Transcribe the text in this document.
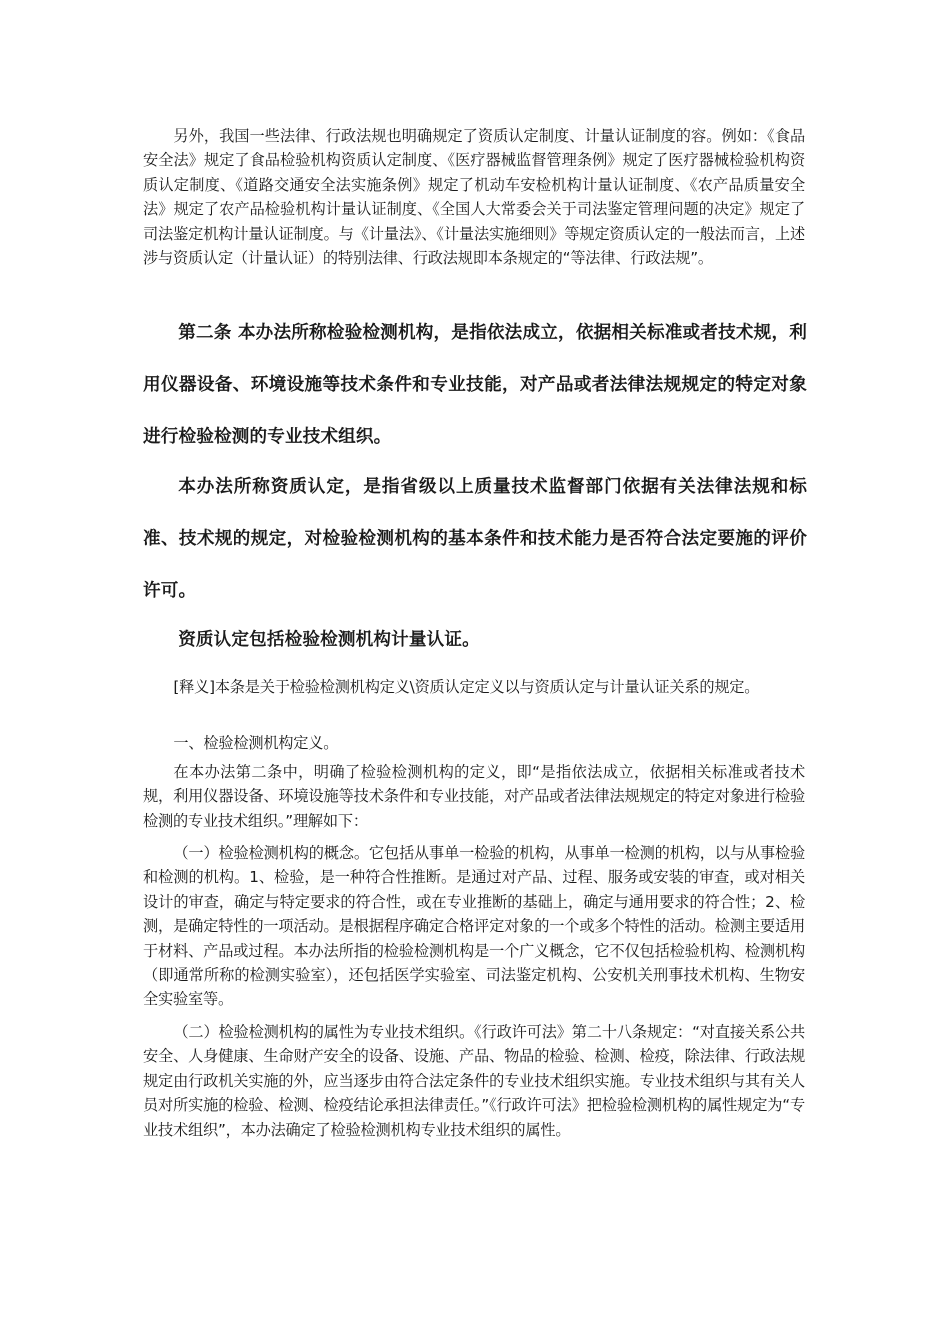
另外，我国一些法律、行政法规也明确规定了资质认定制度、计量认证制度的容。例如：《食品安全法》规定了食品检验机构资质认定制度、《医疗器械监督管理条例》规定了医疗器械检验机构资质认定制度、《道路交通安全法实施条例》规定了机动车安检机构计量认证制度、《农产品质量安全法》规定了农产品检验机构计量认证制度、《全国人大常委会关于司法鉴定管理问题的决定》规定了司法鉴定机构计量认证制度。与《计量法》、《计量法实施细则》等规定资质认定的一般法而言，上述涉与资质认定（计量认证）的特别法律、行政法规即本条规定的“等法律、行政法规”。

第二条 本办法所称检验检测机构，是指依法成立，依据相关标准或者技术规，利用仪器设备、环境设施等技术条件和专业技能，对产品或者法律法规规定的特定对象进行检验检测的专业技术组织。

本办法所称资质认定，是指省级以上质量技术监督部门依据有关法律法规和标准、技术规的规定，对检验检测机构的基本条件和技术能力是否符合法定要施的评价许可。

资质认定包括检验检测机构计量认证。

[释义]本条是关于检验检测机构定义\资质认定定义以与资质认定与计量认证关系的规定。

一、检验检测机构定义。

在本办法第二条中，明确了检验检测机构的定义，即“是指依法成立，依据相关标准或者技术规，利用仪器设备、环境设施等技术条件和专业技能，对产品或者法律法规规定的特定对象进行检验检测的专业技术组织。”理解如下：

（一）检验检测机构的概念。它包括从事单一检验的机构，从事单一检测的机构，以与从事检验和检测的机构。1、检验，是一种符合性推断。是通过对产品、过程、服务或安装的审查，或对相关设计的审查，确定与特定要求的符合性，或在专业推断的基础上，确定与通用要求的符合性；2、检测，是确定特性的一项活动。是根据程序确定合格评定对象的一个或多个特性的活动。检测主要适用于材料、产品或过程。本办法所指的检验检测机构是一个广义概念，它不仅包括检验机构、检测机构（即通常所称的检测实验室），还包括医学实验室、司法鉴定机构、公安机关刑事技术机构、生物安全实验室等。

（二）检验检测机构的属性为专业技术组织。《行政许可法》第二十八条规定：“对直接关系公共安全、人身健康、生命财产安全的设备、设施、产品、物品的检验、检测、检疫，除法律、行政法规规定由行政机关实施的外，应当逐步由符合法定条件的专业技术组织实施。专业技术组织与其有关人员对所实施的检验、检测、检疫结论承担法律责任。”《行政许可法》把检验检测机构的属性规定为“专业技术组织”，本办法确定了检验检测机构专业技术组织的属性。
